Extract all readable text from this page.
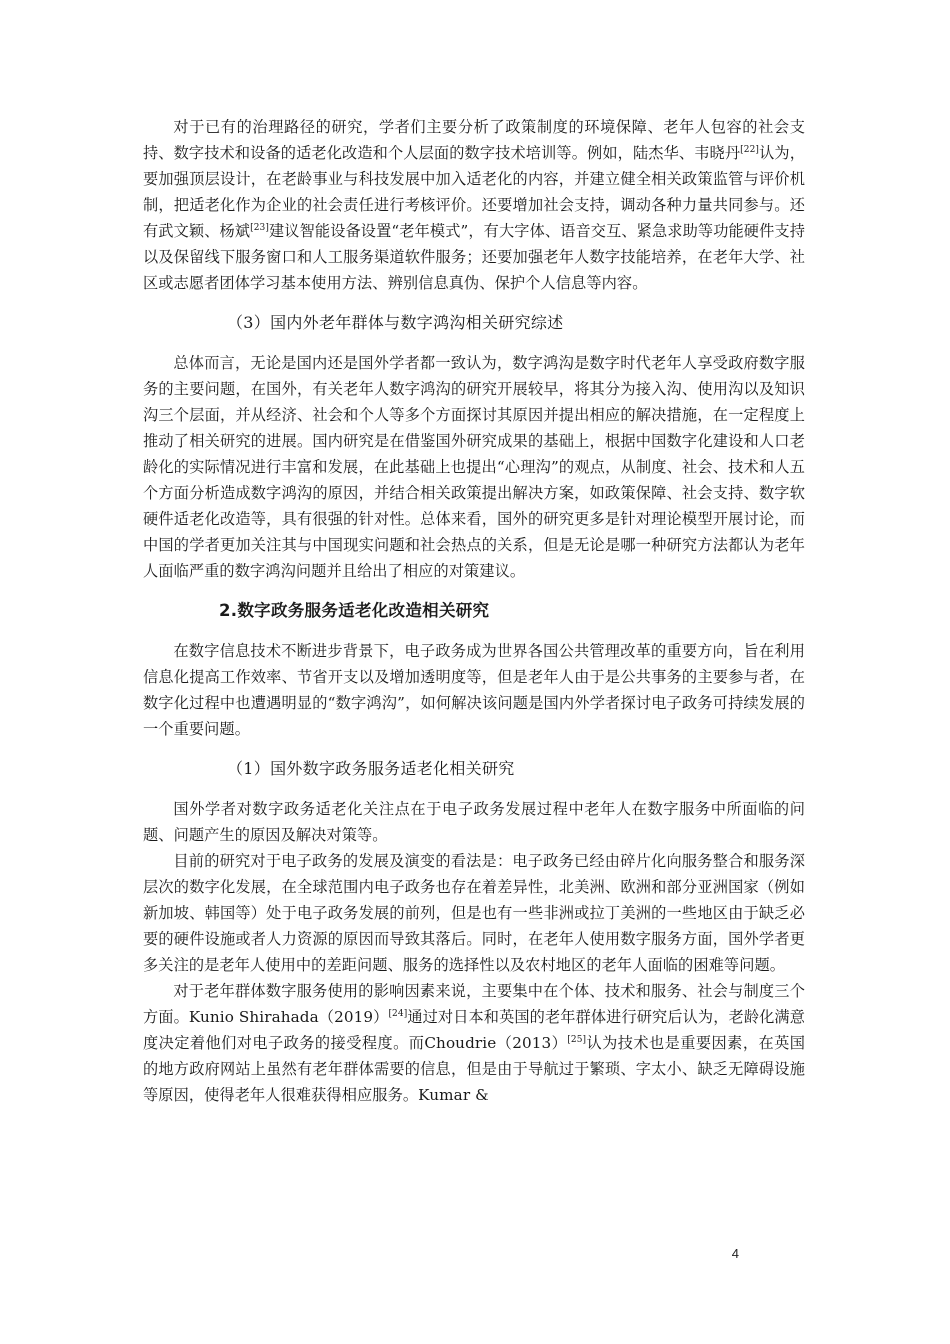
对于已有的治理路径的研究，学者们主要分析了政策制度的环境保障、老年人包容的社会支持、数字技术和设备的适老化改造和个人层面的数字技术培训等。例如，陆杰华、韦晓丹[22]认为，要加强顶层设计，在老龄事业与科技发展中加入适老化的内容，并建立健全相关政策监管与评价机制，把适老化作为企业的社会责任进行考核评价。还要增加社会支持，调动各种力量共同参与。还有武文颖、杨斌[23]建议智能设备设置“老年模式”，有大字体、语音交互、紧急求助等功能硬件支持以及保留线下服务窗口和人工服务渠道软件服务；还要加强老年人数字技能培养，在老年大学、社区或志愿者团体学习基本使用方法、辨别信息真伪、保护个人信息等内容。

（3）国内外老年群体与数字鸿沟相关研究综述

总体而言，无论是国内还是国外学者都一致认为，数字鸿沟是数字时代老年人享受政府数字服务的主要问题，在国外，有关老年人数字鸿沟的研究开展较早，将其分为接入沟、使用沟以及知识沟三个层面，并从经济、社会和个人等多个方面探讨其原因并提出相应的解决措施，在一定程度上推动了相关研究的进展。国内研究是在借鉴国外研究成果的基础上，根据中国数字化建设和人口老龄化的实际情况进行丰富和发展，在此基础上也提出“心理沟”的观点，从制度、社会、技术和人五个方面分析造成数字鸿沟的原因，并结合相关政策提出解决方案，如政策保障、社会支持、数字软硬件适老化改造等，具有很强的针对性。总体来看，国外的研究更多是针对理论模型开展讨论，而中国的学者更加关注其与中国现实问题和社会热点的关系，但是无论是哪一种研究方法都认为老年人面临严重的数字鸿沟问题并且给出了相应的对策建议。

2.数字政务服务适老化改造相关研究

在数字信息技术不断进步背景下，电子政务成为世界各国公共管理改革的重要方向，旨在利用信息化提高工作效率、节省开支以及增加透明度等，但是老年人由于是公共事务的主要参与者，在数字化过程中也遭遇明显的“数字鸿沟”，如何解决该问题是国内外学者探讨电子政务可持续发展的一个重要问题。

（1）国外数字政务服务适老化相关研究

国外学者对数字政务适老化关注点在于电子政务发展过程中老年人在数字服务中所面临的问题、问题产生的原因及解决对策等。

目前的研究对于电子政务的发展及演变的看法是：电子政务已经由碎片化向服务整合和服务深层次的数字化发展，在全球范围内电子政务也存在着差异性，北美洲、欧洲和部分亚洲国家（例如新加坡、韩国等）处于电子政务发展的前列，但是也有一些非洲或拉丁美洲的一些地区由于缺乏必要的硬件设施或者人力资源的原因而导致其落后。同时，在老年人使用数字服务方面，国外学者更多关注的是老年人使用中的差距问题、服务的选择性以及农村地区的老年人面临的困难等问题。

对于老年群体数字服务使用的影响因素来说，主要集中在个体、技术和服务、社会与制度三个方面。Kunio Shirahada（2019）[24]通过对日本和英国的老年群体进行研究后认为，老龄化满意度决定着他们对电子政务的接受程度。而Choudrie（2013）[25]认为技术也是重要因素，在英国的地方政府网站上虽然有老年群体需要的信息，但是由于导航过于繁琐、字太小、缺乏无障碍设施等原因，使得老年人很难获得相应服务。Kumar &

4
